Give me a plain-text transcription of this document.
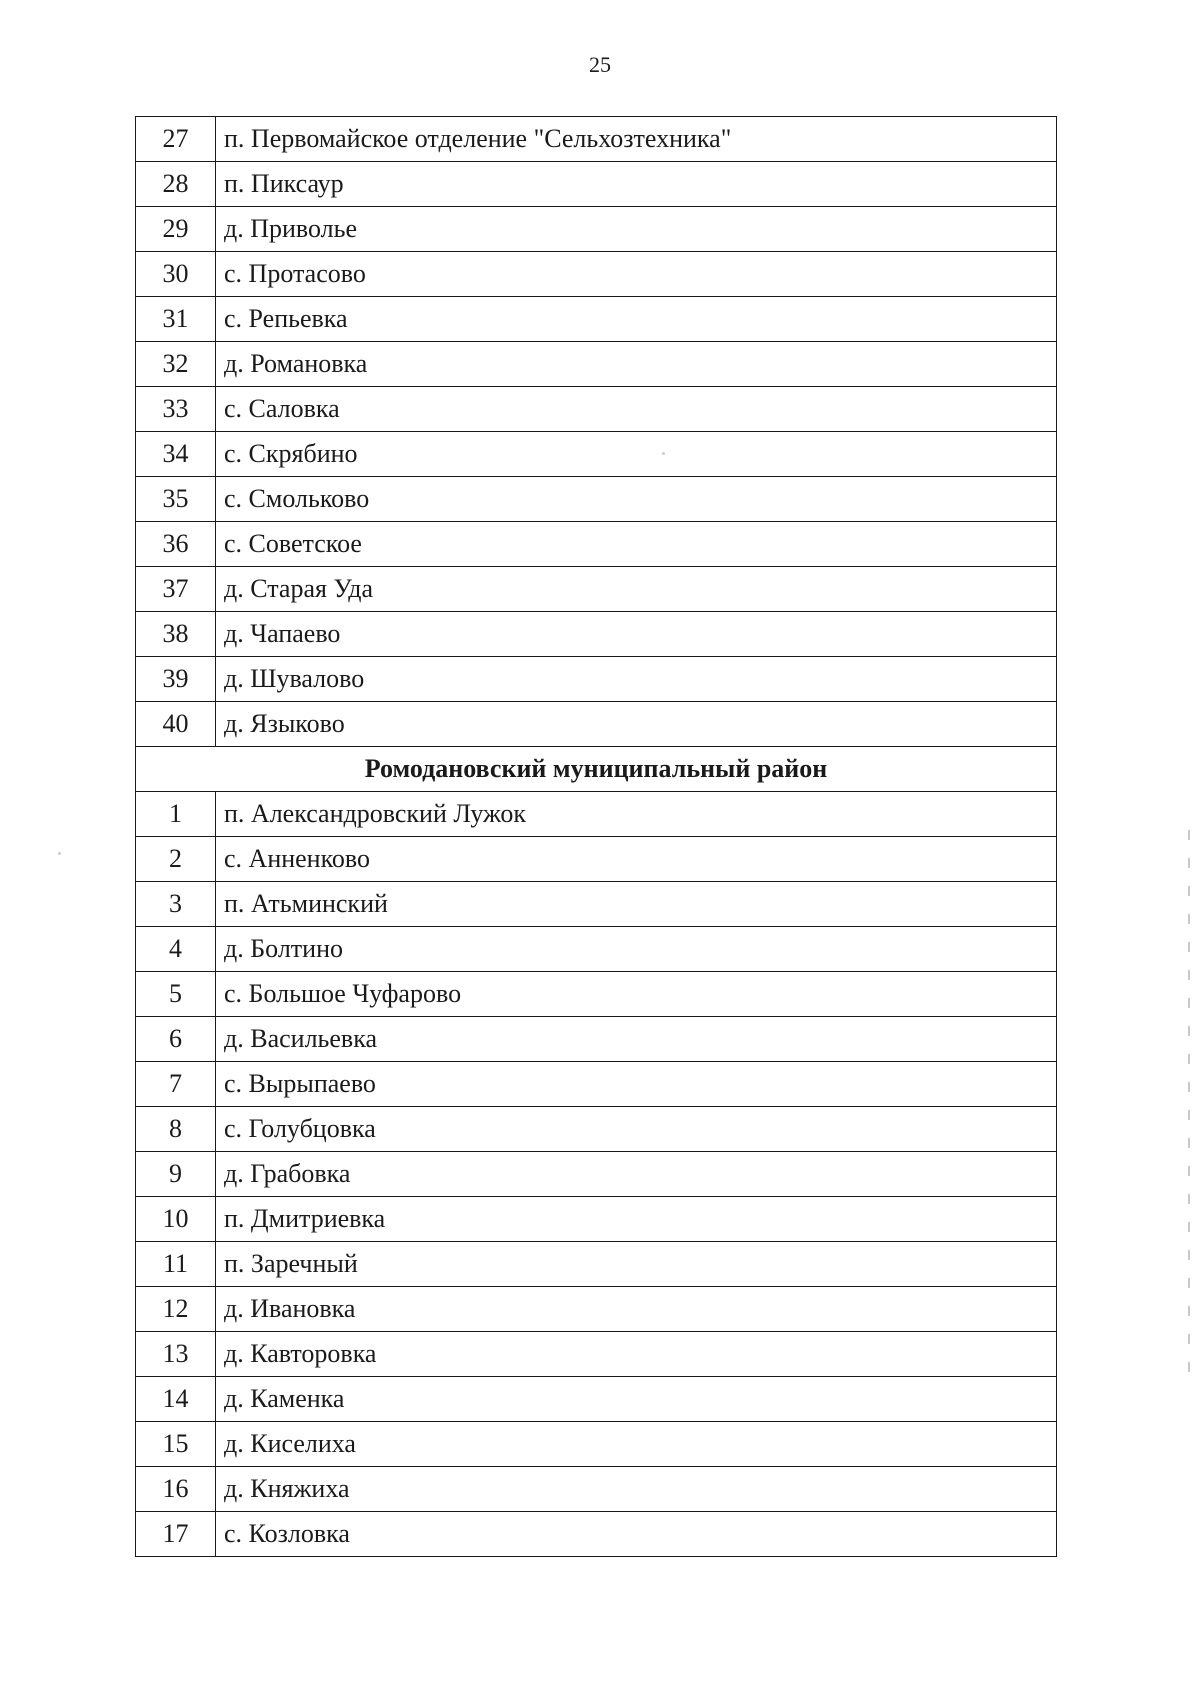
25
27	п. Первомайское отделение "Сельхозтехника"
28	п. Пиксаур
29	д. Приволье
30	с. Протасово
31	с. Репьевка
32	д. Романовка
33	с. Саловка
34	с. Скрябино
35	с. Смольково
36	с. Советское
37	д. Старая Уда
38	д. Чапаево
39	д. Шувалово
40	д. Языково
Ромодановский муниципальный район	
1	п. Александровский Лужок
2	с. Анненково
3	п. Атьминский
4	д. Болтино
5	с. Большое Чуфарово
6	д. Васильевка
7	с. Вырыпаево
8	с. Голубцовка
9	д. Грабовка
10	п. Дмитриевка
11	п. Заречный
12	д. Ивановка
13	д. Кавторовка
14	д. Каменка
15	д. Киселиха
16	д. Княжиха
17	с. Козловка
